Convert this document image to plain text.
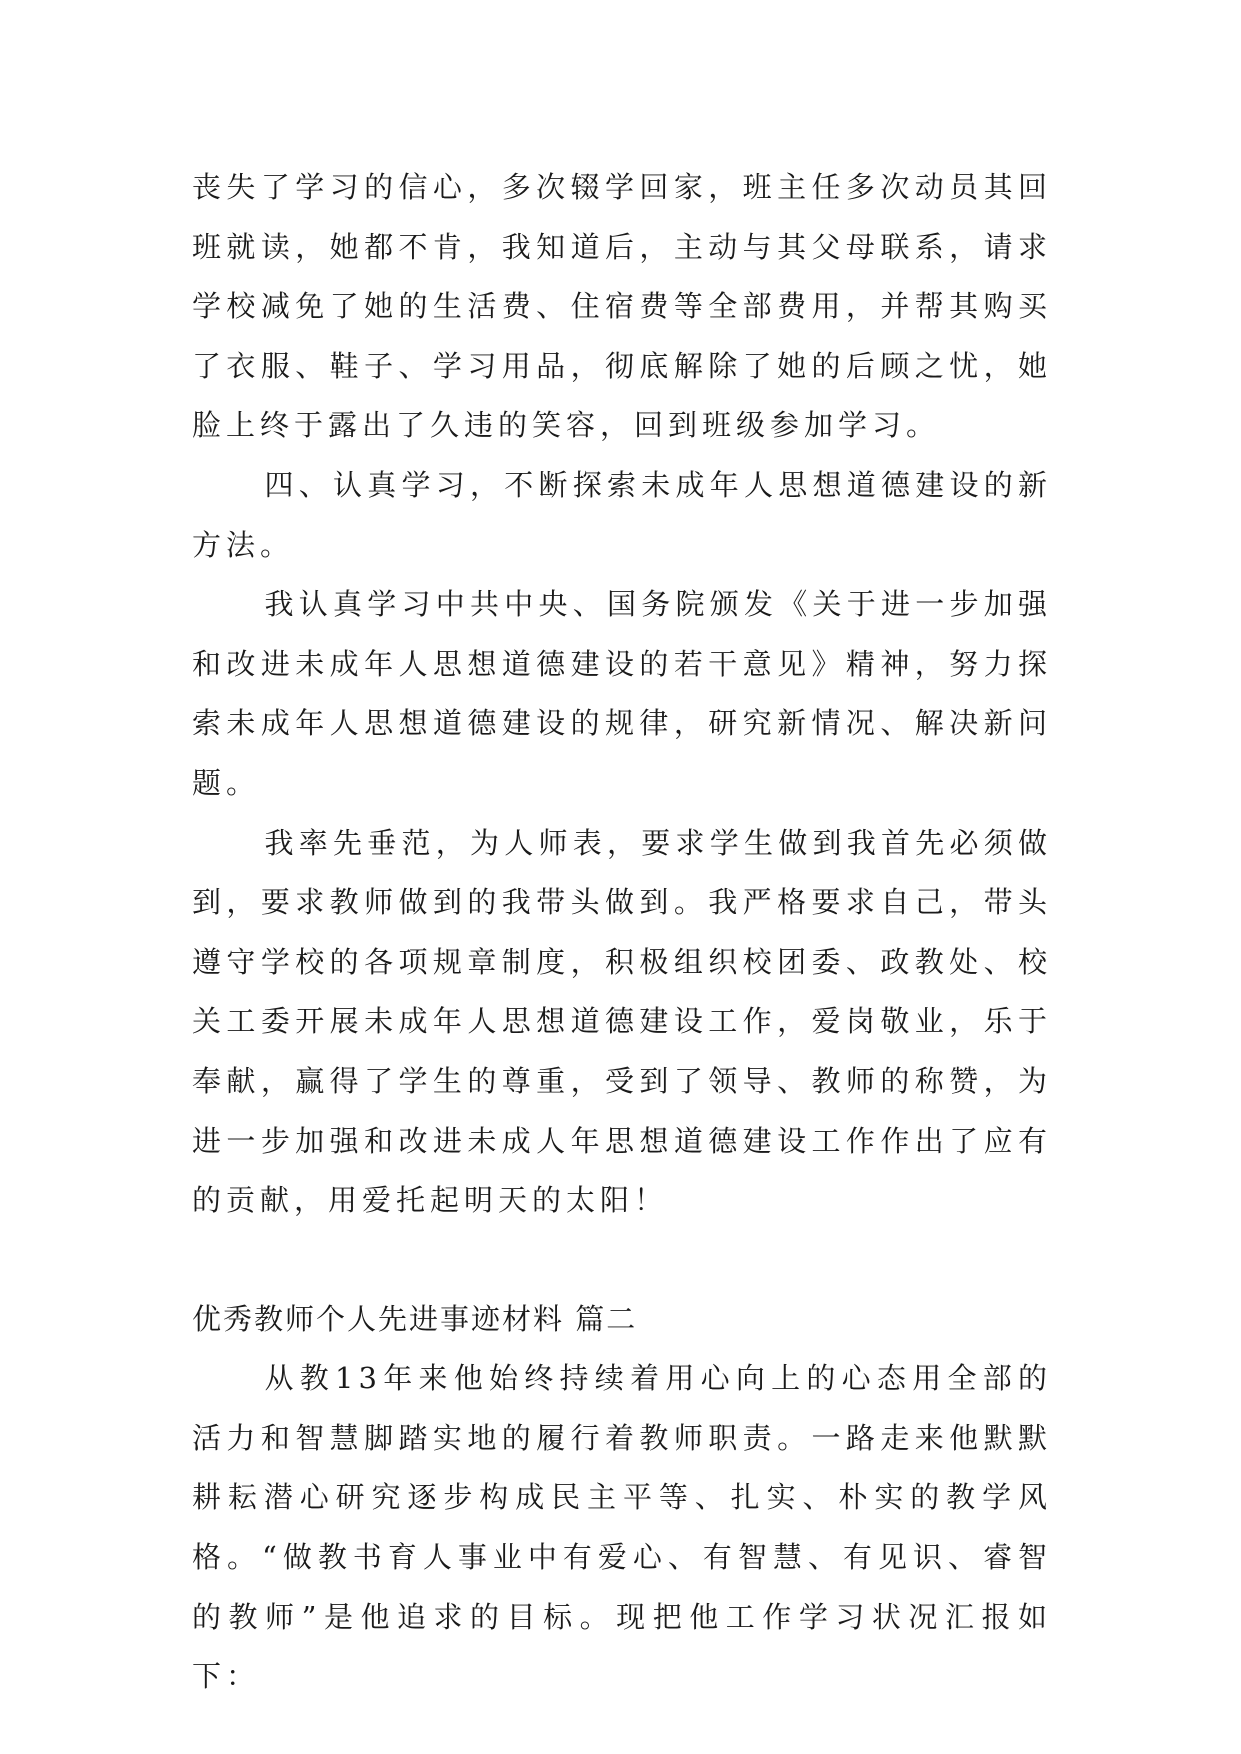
丧失了学习的信心，多次辍学回家，班主任多次动员其回班就读，她都不肯，我知道后，主动与其父母联系，请求学校减免了她的生活费、住宿费等全部费用，并帮其购买了衣服、鞋子、学习用品，彻底解除了她的后顾之忧，她脸上终于露出了久违的笑容，回到班级参加学习。

四、认真学习，不断探索未成年人思想道德建设的新方法。

我认真学习中共中央、国务院颁发《关于进一步加强和改进未成年人思想道德建设的若干意见》精神，努力探索未成年人思想道德建设的规律，研究新情况、解决新问题。

我率先垂范，为人师表，要求学生做到我首先必须做到，要求教师做到的我带头做到。我严格要求自己，带头遵守学校的各项规章制度，积极组织校团委、政教处、校关工委开展未成年人思想道德建设工作，爱岗敬业，乐于奉献，赢得了学生的尊重，受到了领导、教师的称赞，为进一步加强和改进未成人年思想道德建设工作作出了应有的贡献，用爱托起明天的太阳！

优秀教师个人先进事迹材料 篇二

从教13年来他始终持续着用心向上的心态用全部的活力和智慧脚踏实地的履行着教师职责。一路走来他默默耕耘潜心研究逐步构成民主平等、扎实、朴实的教学风格。“做教书育人事业中有爱心、有智慧、有见识、睿智的教师”是他追求的目标。现把他工作学习状况汇报如下：
